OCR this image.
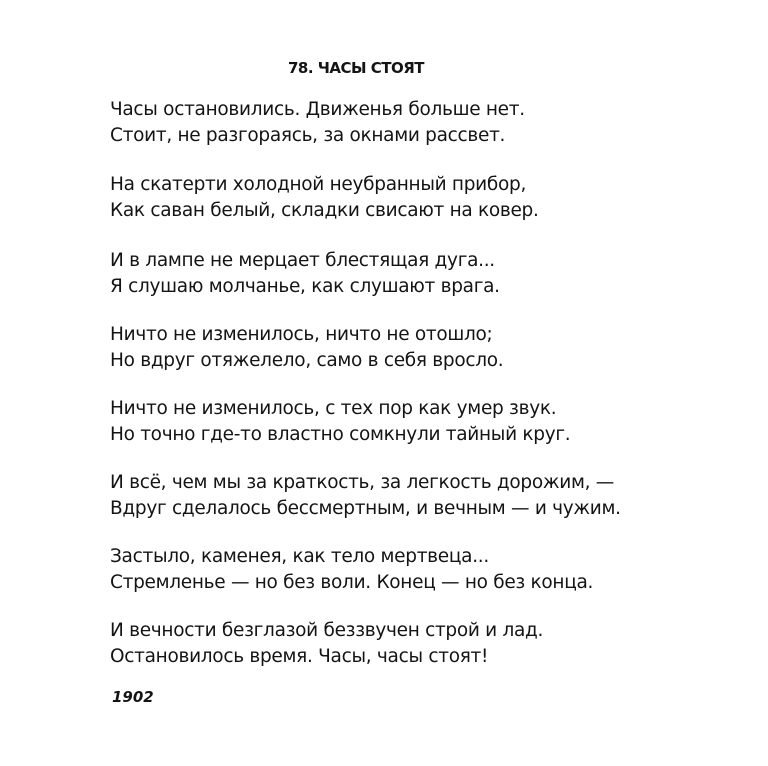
78. ЧАСЫ СТОЯТ
Часы остановились. Движенья больше нет.
Стоит, не разгораясь, за окнами рассвет.
На скатерти холодной неубранный прибор,
Как саван белый, складки свисают на ковер.
И в лампе не мерцает блестящая дуга...
Я слушаю молчанье, как слушают врага.
Ничто не изменилось, ничто не отошло;
Но вдруг отяжелело, само в себя вросло.
Ничто не изменилось, с тех пор как умер звук.
Но точно где-то властно сомкнули тайный круг.
И всё, чем мы за краткость, за легкость дорожим, —
Вдруг сделалось бессмертным, и вечным — и чужим.
Застыло, каменея, как тело мертвеца...
Стремленье — но без воли. Конец — но без конца.
И вечности безглазой беззвучен строй и лад.
Остановилось время. Часы, часы стоят!
1902
